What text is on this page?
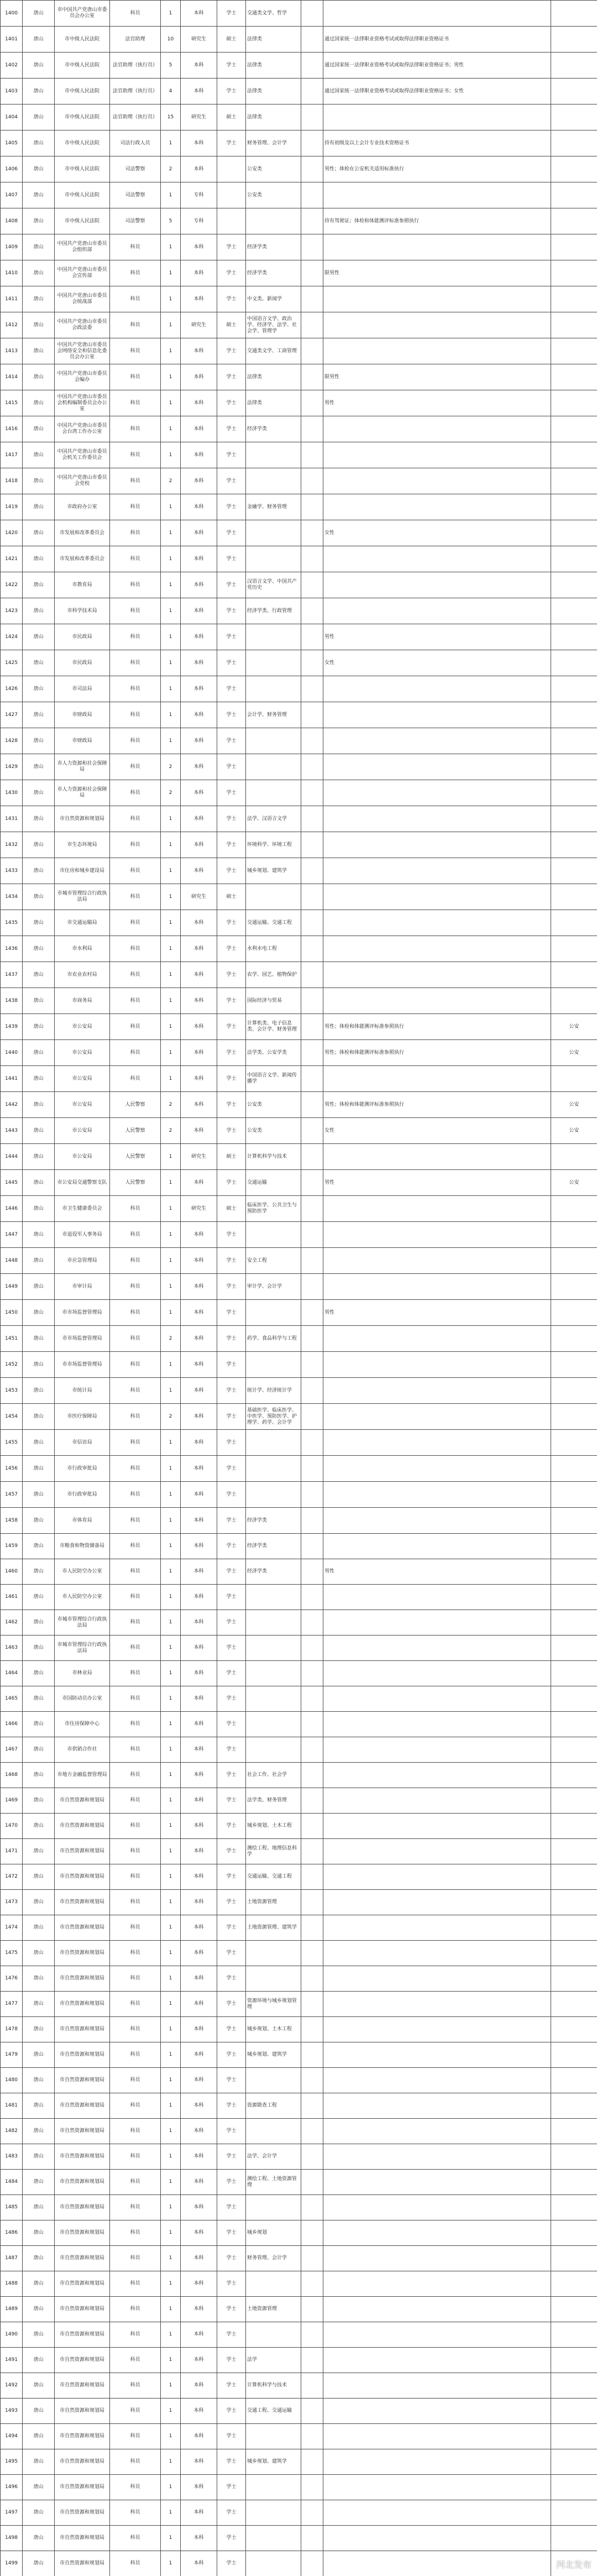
1400	唐山	市中国共产党唐山市委员会办公室	科员	1	本科	学士	交通类文学、哲学			
1401	唐山	市中级人民法院	法官助理	10	研究生	硕士	法律类		通过国家统一法律职业资格考试或取得法律职业资格证书	
1402	唐山	市中级人民法院	法官助理（执行员）	5	本科	学士	法律类		通过国家统一法律职业资格考试或取得法律职业资格证书；男性	
1403	唐山	市中级人民法院	法官助理（执行员）	4	本科	学士	法律类		通过国家统一法律职业资格考试或取得法律职业资格证书；女性	
1404	唐山	市中级人民法院	法官助理（执行员）	15	研究生	硕士	法律类			
1405	唐山	市中级人民法院	司法行政人员	1	本科	学士	财务管理、会计学		持有初级及以上会计专业技术资格证书	
1406	唐山	市中级人民法院	司法警察	2	本科		公安类		男性；体检在公安机关适用标准执行	
1407	唐山	市中级人民法院	司法警察	1	专科		公安类			
1408	唐山	市中级人民法院	司法警察	5	专科				持有驾驶证；体检和体能测评标准参照执行	
1409	唐山	中国共产党唐山市委员会组织部	科员	1	本科	学士	经济学类			
1410	唐山	中国共产党唐山市委员会宣传部	科员	1	本科	学士	经济学类		限男性	
1411	唐山	中国共产党唐山市委员会统战部	科员	1	本科	学士	中文类、新闻学			
1412	唐山	中国共产党唐山市委员会政法委	科员	1	研究生	硕士	中国语言文学、政治学、经济学、法学、社会学、管理学			
1413	唐山	中国共产党唐山市委员会网络安全和信息化委员会办公室	科员	1	本科	学士	交通类文学、工商管理			
1414	唐山	中国共产党唐山市委员会编办	科员	1	本科	学士	法律类		限男性	
1415	唐山	中国共产党唐山市委员会机构编制委员会办公室	科员	1	本科	学士	法律类		男性	
1416	唐山	中国共产党唐山市委员会台湾工作办公室	科员	1	本科	学士	经济学类			
1417	唐山	中国共产党唐山市委员会机关工作委员会	科员	1	本科	学士				
1418	唐山	中国共产党唐山市委员会党校	科员	2	本科	学士				
1419	唐山	市政府办公室	科员	1	本科	学士	金融学、财务管理			
1420	唐山	市发展和改革委员会	科员	1	本科	学士			女性	
1421	唐山	市发展和改革委员会	科员	1	本科	学士				
1422	唐山	市教育局	科员	1	本科	学士	汉语言文学、中国共产党历史			
1423	唐山	市科学技术局	科员	1	本科	学士	经济学类、行政管理			
1424	唐山	市民政局	科员	1	本科	学士			男性	
1425	唐山	市民政局	科员	1	本科	学士			女性	
1426	唐山	市司法局	科员	1	本科	学士				
1427	唐山	市财政局	科员	1	本科	学士	会计学、财务管理			
1428	唐山	市财政局	科员	1	本科	学士				
1429	唐山	市人力资源和社会保障局	科员	2	本科	学士				
1430	唐山	市人力资源和社会保障局	科员	2	本科	学士				
1431	唐山	市自然资源和规划局	科员	1	本科	学士	法学、汉语言文学			
1432	唐山	市生态环境局	科员	1	本科	学士	环境科学、环境工程			
1433	唐山	市住房和城乡建设局	科员	1	本科	学士	城乡规划、建筑学			
1434	唐山	市城市管理综合行政执法局	科员	1	研究生	硕士				
1435	唐山	市交通运输局	科员	1	本科	学士	交通运输、交通工程			
1436	唐山	市水利局	科员	1	本科	学士	水利水电工程			
1437	唐山	市农业农村局	科员	1	本科	学士	农学、园艺、植物保护			
1438	唐山	市商务局	科员	1	本科	学士	国际经济与贸易			
1439	唐山	市公安局	科员	1	本科	学士	计算机类、电子信息类、会计学、财务管理		男性；体检和体能测评标准参照执行	公安
1440	唐山	市公安局	科员	1	本科	学士	法学类、公安学类		男性；体检和体能测评标准参照执行	公安
1441	唐山	市公安局	科员	1	本科	学士	中国语言文学、新闻传播学			
1442	唐山	市公安局	人民警察	2	本科	学士	公安类		男性；体检和体能测评标准参照执行	公安
1443	唐山	市公安局	人民警察	2	本科	学士	公安类		女性	公安
1444	唐山	市公安局	人民警察	1	研究生	硕士	计算机科学与技术			
1445	唐山	市公安局交通警察支队	人民警察	1	本科	学士	交通运输		男性	公安
1446	唐山	市卫生健康委员会	科员	1	研究生	硕士	临床医学、公共卫生与预防医学			
1447	唐山	市退役军人事务局	科员	1	本科	学士				
1448	唐山	市应急管理局	科员	1	本科	学士	安全工程			
1449	唐山	市审计局	科员	1	本科	学士	审计学、会计学			
1450	唐山	市市场监督管理局	科员	1	本科	学士			男性	
1451	唐山	市市场监督管理局	科员	2	本科	学士	药学、食品科学与工程			
1452	唐山	市市场监督管理局	科员	1	本科	学士				
1453	唐山	市统计局	科员	1	本科	学士	统计学、经济统计学			
1454	唐山	市医疗保障局	科员	2	本科	学士	基础医学、临床医学、中医学、预防医学、护理学、药学、会计学			
1455	唐山	市信访局	科员	1	本科	学士				
1456	唐山	市行政审批局	科员	1	本科	学士				
1457	唐山	市行政审批局	科员	1	本科	学士				
1458	唐山	市体育局	科员	1	本科	学士	经济学类			
1459	唐山	市粮食和物资储备局	科员	1	本科	学士	经济学类			
1460	唐山	市人民防空办公室	科员	1	本科	学士	经济学类		男性	
1461	唐山	市人民防空办公室	科员	1	本科	学士				
1462	唐山	市城市管理综合行政执法局	科员	1	本科	学士				
1463	唐山	市城市管理综合行政执法局	科员	1	本科	学士				
1464	唐山	市林业局	科员	1	本科	学士				
1465	唐山	市国防动员办公室	科员	1	本科	学士				
1466	唐山	市住房保障中心	科员	1	本科	学士				
1467	唐山	市供销合作社	科员	1	本科	学士				
1468	唐山	市地方金融监督管理局	科员	1	本科	学士	社会工作、社会学			
1469	唐山	市自然资源和规划局	科员	1	本科	学士	法学类、财务管理			
1470	唐山	市自然资源和规划局	科员	1	本科	学士	城乡规划、土木工程			
1471	唐山	市自然资源和规划局	科员	1	本科	学士	测绘工程、地理信息科学			
1472	唐山	市自然资源和规划局	科员	1	本科	学士	交通运输、交通工程			
1473	唐山	市自然资源和规划局	科员	1	本科	学士	土地资源管理			
1474	唐山	市自然资源和规划局	科员	1	本科	学士	土地资源管理、建筑学			
1475	唐山	市自然资源和规划局	科员	1	本科	学士				
1476	唐山	市自然资源和规划局	科员	1	本科	学士				
1477	唐山	市自然资源和规划局	科员	1	本科	学士	资源环境与城乡规划管理			
1478	唐山	市自然资源和规划局	科员	1	本科	学士	城乡规划、土木工程			
1479	唐山	市自然资源和规划局	科员	1	本科	学士	城乡规划、建筑学			
1480	唐山	市自然资源和规划局	科员	1	本科	学士				
1481	唐山	市自然资源和规划局	科员	1	本科	学士	资源勘查工程			
1482	唐山	市自然资源和规划局	科员	1	本科	学士				
1483	唐山	市自然资源和规划局	科员	1	本科	学士	法学、会计学			
1484	唐山	市自然资源和规划局	科员	1	本科	学士	测绘工程、土地资源管理			
1485	唐山	市自然资源和规划局	科员	1	本科	学士				
1486	唐山	市自然资源和规划局	科员	1	本科	学士	城乡规划			
1487	唐山	市自然资源和规划局	科员	1	本科	学士	财务管理、会计学			
1488	唐山	市自然资源和规划局	科员	1	本科	学士				
1489	唐山	市自然资源和规划局	科员	1	本科	学士	土地资源管理			
1490	唐山	市自然资源和规划局	科员	1	本科	学士				
1491	唐山	市自然资源和规划局	科员	1	本科	学士	法学			
1492	唐山	市自然资源和规划局	科员	1	本科	学士	计算机科学与技术			
1493	唐山	市自然资源和规划局	科员	1	本科	学士	交通工程、交通运输			
1494	唐山	市自然资源和规划局	科员	1	本科	学士				
1495	唐山	市自然资源和规划局	科员	1	本科	学士	城乡规划、建筑学			
1496	唐山	市自然资源和规划局	科员	1	本科	学士				
1497	唐山	市自然资源和规划局	科员	1	本科	学士				
1498	唐山	市自然资源和规划局	科员	1	本科	学士				
1499	唐山	市自然资源和规划局	科员	1	本科	学士					河北发布
